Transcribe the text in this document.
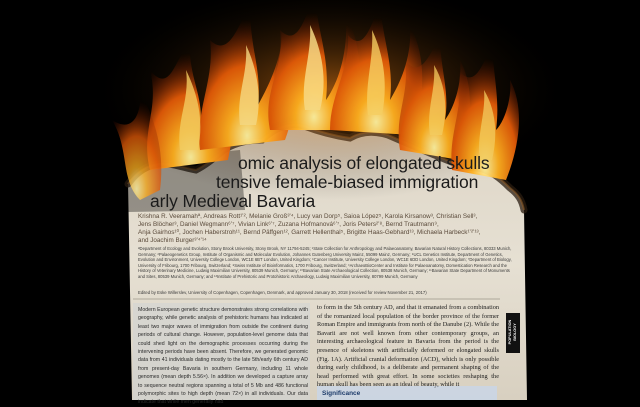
omic analysis of elongated skulls
tensive female-biased immigration
arly Medieval Bavaria
Krishna R. Veeramahª, Andreas Rott¹ʼ², Melanie Groß³ʼ⁴, Lucy van Dorp⁵, Saioa López⁵, Karola Kirsanow³, Christian Sell³,
Jens Blöcher³, Daniel Wegmann⁶ʼ⁷, Vivian Link⁶ʼ⁷, Zuzana Hofmanová⁶ʼ⁷, Joris Peters²ʼ⁸, Bernd Trautmann⁹,
Anja Gairhos¹⁰, Jochen Haberstroh¹¹, Bernd Päffgen¹², Garrett Hellenthal⁵, Brigitte Haas-Gebhard¹³, Michaela Harbeck¹ʼ²ʼ¹³,
and Joachim Burger³ʼ⁴ʼ¹⁴
ªDepartment of Ecology and Evolution, Stony Brook University, Stony Brook, NY 11794-5245; ¹State Collection for Anthropology and Palaeoanatomy, Bavarian Natural History Collections, 80333 Munich, Germany; ²Palaeogenetics Group, Institute of Organismic and Molecular Evolution, Johannes Gutenberg University Mainz, 55099 Mainz, Germany; ⁵UCL Genetics Institute, Department of Genetics, Evolution and Environment, University College London, WC1E 6BT London, United Kingdom; ⁶Cancer Institute, University College London, WC1E 6DD London, United Kingdom; ⁷Department of Biology, University of Fribourg, 1700 Fribourg, Switzerland; ⁸Swiss Institute of Bioinformatics, 1700 Fribourg, Switzerland; ⁹ArchaeoBioCenter and Institute for Palaeoanatomy, Domestication Research and the History of Veterinary Medicine, Ludwig Maximilian University, 80539 Munich, Germany; ¹⁰Bavarian State Archaeological Collection, 80538 Munich, Germany; ¹¹Bavarian State Department of Monuments and Sites, 80539 Munich, Germany; and ¹³Institute of Prehistoric and Protohistoric Archaeology, Ludwig Maximilian University, 80799 Munich, Germany
Edited by Eske Willerslev, University of Copenhagen, Copenhagen, Denmark, and approved January 30, 2018 (received for review November 21, 2017)
Modern European genetic structure demonstrates strong correlations with geography, while genetic analysis of prehistoric humans has indicated at least two major waves of immigration from outside the continent during periods of cultural change. However, population-level genome data that could shed light on the demographic processes occurring during the intervening periods have been absent. Therefore, we generated genomic data from 41 individuals dating mostly to the late 5th/early 6th century AD from present-day Bavaria in southern Germany, including 11 whole genomes (mean depth 5.56×). In addition we developed a capture array to sequence neutral regions spanning a total of 5 Mb and 486 functional polymorphic sites to high depth (mean 72×) in all individuals. Our data indicate that while men generally had
to form in the 5th century AD, and that it emanated from a combination of the romanized local population of the border province of the former Roman Empire and immigrants from north of the Danube (2). While the Bavarii are not well known from other contemporary groups, an interesting archaeological feature in Bavaria from the period is the presence of skeletons with artificially deformed or elongated skulls (Fig. 1A). Artificial cranial deformation (ACD), which is only possible during early childhood, is a deliberate and permanent shaping of the head performed with great effort. In some societies reshaping the human skull has been seen as an ideal of beauty, while it
Significance
POPULATION BIOLOGY
